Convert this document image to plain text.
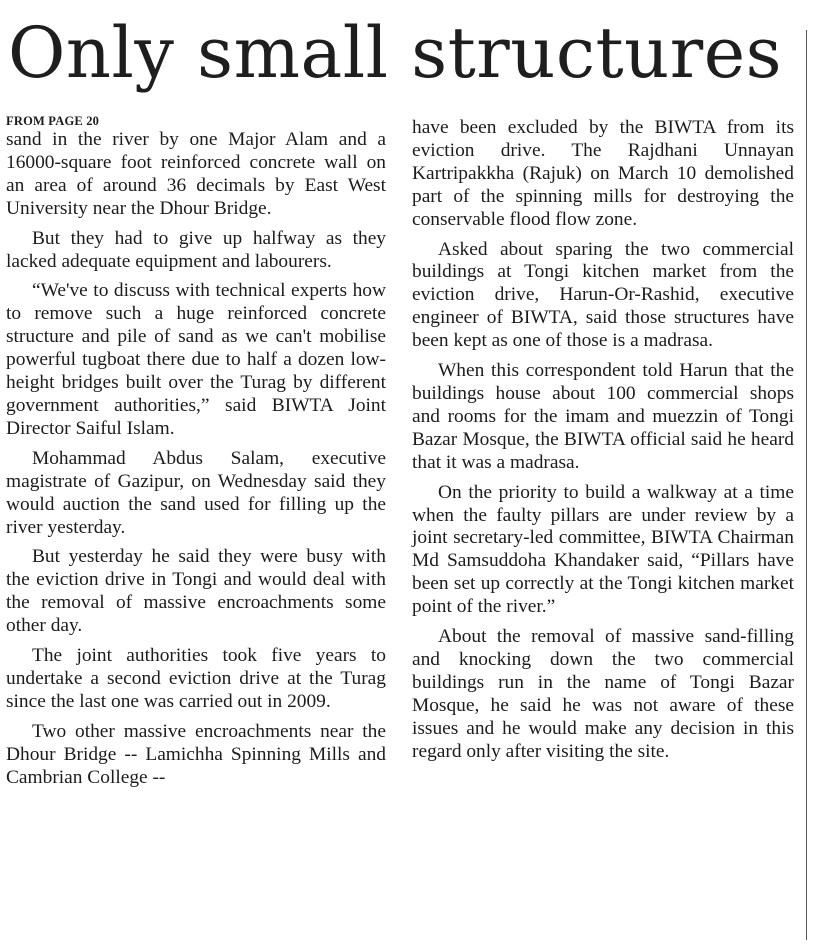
Only small structures
FROM PAGE 20

sand in the river by one Major Alam and a 16000-square foot reinforced concrete wall on an area of around 36 decimals by East West University near the Dhour Bridge.

But they had to give up halfway as they lacked adequate equipment and labourers.

“We've to discuss with technical experts how to remove such a huge reinforced concrete structure and pile of sand as we can't mobilise powerful tugboat there due to half a dozen low-height bridges built over the Turag by different government authorities,” said BIWTA Joint Director Saiful Islam.

Mohammad Abdus Salam, executive magistrate of Gazipur, on Wednesday said they would auction the sand used for filling up the river yesterday.

But yesterday he said they were busy with the eviction drive in Tongi and would deal with the removal of massive encroachments some other day.

The joint authorities took five years to undertake a second eviction drive at the Turag since the last one was carried out in 2009.

Two other massive encroachments near the Dhour Bridge -- Lamichha Spinning Mills and Cambrian College --

have been excluded by the BIWTA from its eviction drive. The Rajdhani Unnayan Kartripakkha (Rajuk) on March 10 demolished part of the spinning mills for destroying the conservable flood flow zone.

Asked about sparing the two commercial buildings at Tongi kitchen market from the eviction drive, Harun-Or-Rashid, executive engineer of BIWTA, said those structures have been kept as one of those is a madrasa.

When this correspondent told Harun that the buildings house about 100 commercial shops and rooms for the imam and muezzin of Tongi Bazar Mosque, the BIWTA official said he heard that it was a madrasa.

On the priority to build a walkway at a time when the faulty pillars are under review by a joint secretary-led committee, BIWTA Chairman Md Samsuddoha Khandaker said, “Pillars have been set up correctly at the Tongi kitchen market point of the river.”

About the removal of massive sand-filling and knocking down the two commercial buildings run in the name of Tongi Bazar Mosque, he said he was not aware of these issues and he would make any decision in this regard only after visiting the site.
